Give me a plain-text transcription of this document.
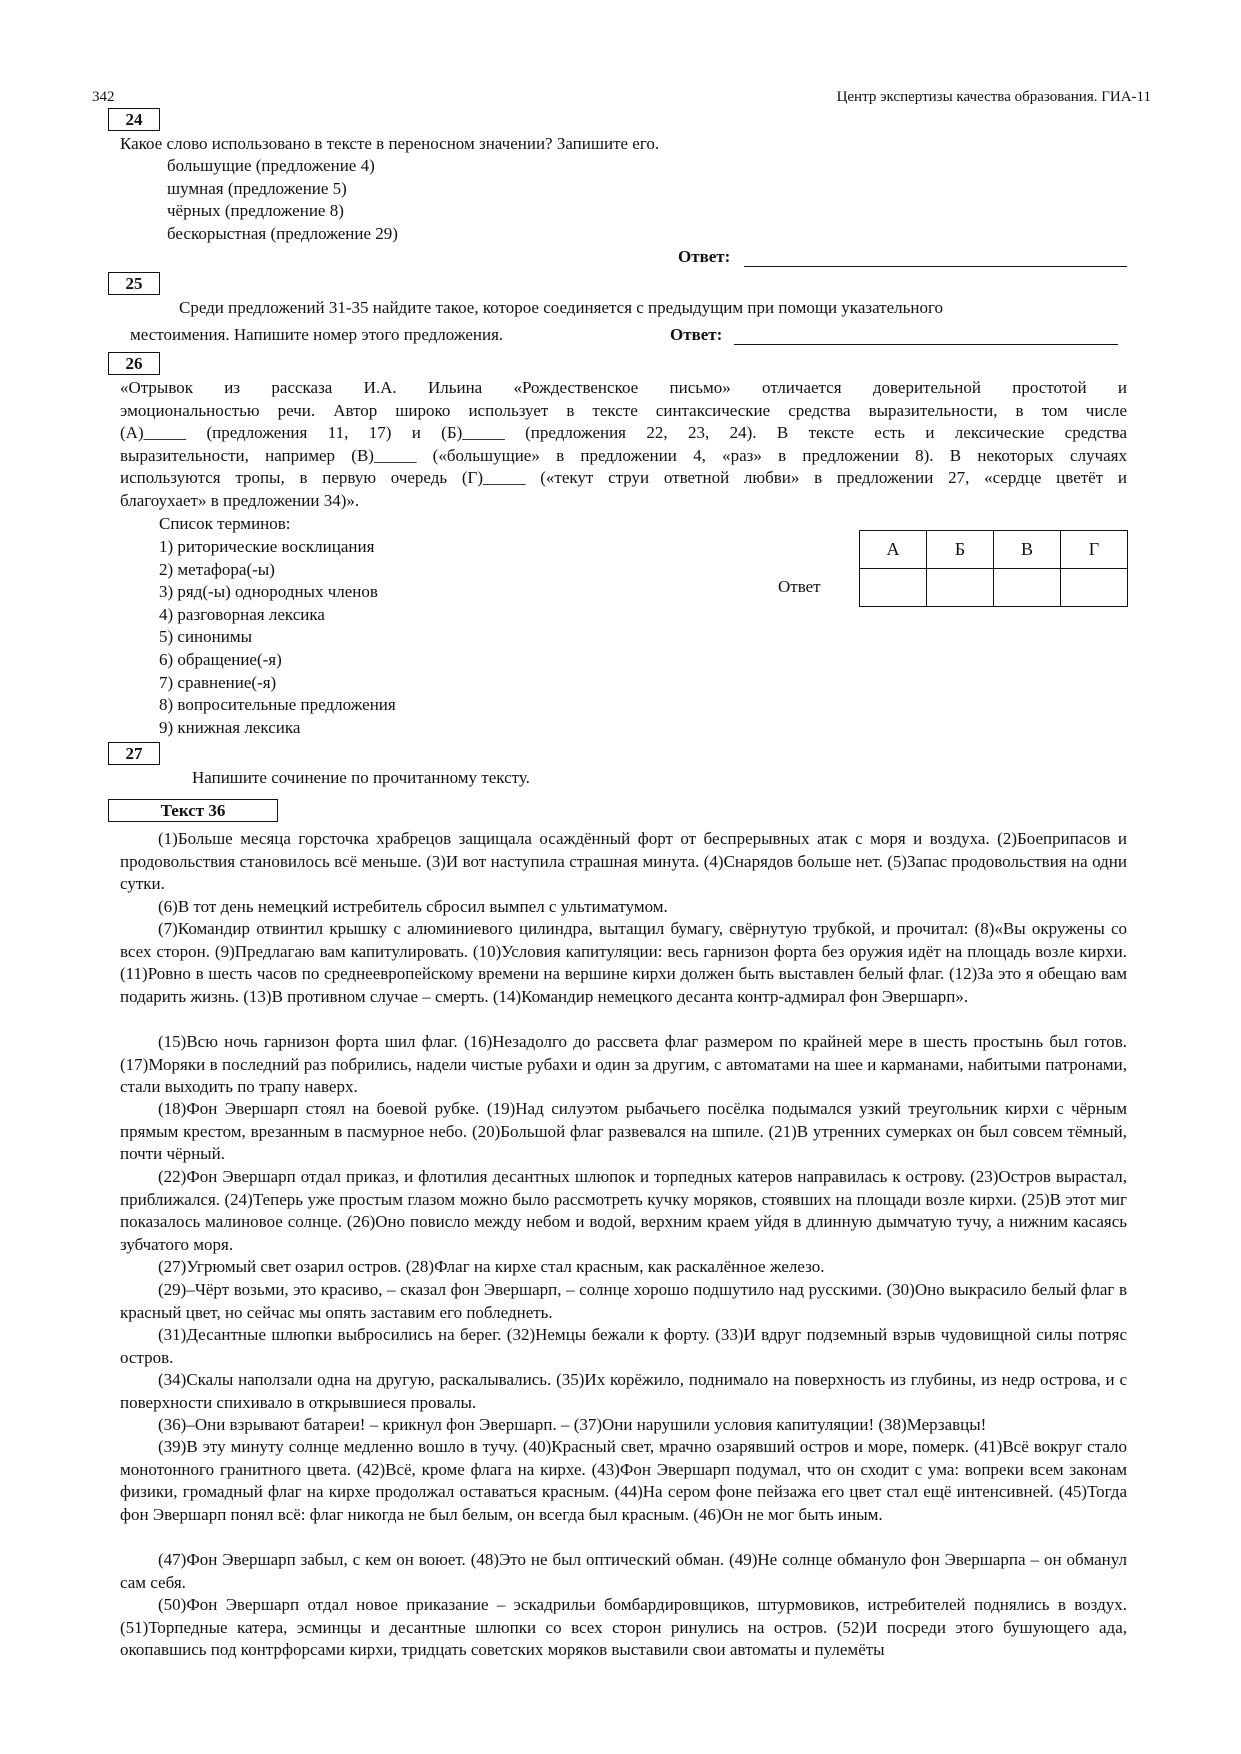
342	Центр экспертизы качества образования. ГИА-11
24
Какое слово использовано в тексте в переносном значении? Запишите его.
большущие (предложение 4)
шумная (предложение 5)
чёрных (предложение 8)
бескорыстная (предложение 29)
Ответ:
25
Среди предложений 31-35 найдите такое, которое соединяется с предыдущим при помощи указательного
местоимения. Напишите номер этого предложения.	Ответ:
26
«Отрывок из рассказа И.А. Ильина «Рождественское письмо» отличается доверительной простотой и
эмоциональностью речи. Автор широко использует в тексте синтаксические средства выразительности, в том числе
(А)_____ (предложения 11, 17) и (Б)_____ (предложения 22, 23, 24). В тексте есть и лексические средства
выразительности, например (В)_____ («большущие» в предложении 4, «раз» в предложении 8). В некоторых случаях
используются тропы, в первую очередь (Г)_____ («текут струи ответной любви» в предложении 27, «сердце цветёт и
благоухает» в предложении 34)».
Список терминов:
1) риторические восклицания
2) метафора(-ы)
3) ряд(-ы) однородных членов
4) разговорная лексика
5) синонимы
6) обращение(-я)
7) сравнение(-я)
8) вопросительные предложения
9) книжная лексика
Ответ
А	Б	В	Г

27
Напишите сочинение по прочитанному тексту.
Текст 36

(1)Больше месяца горсточка храбрецов защищала осаждённый форт от беспрерывных атак с моря и воздуха. (2)Боеприпасов и продовольствия становилось всё меньше. (3)И вот наступила страшная минута. (4)Снарядов больше нет. (5)Запас продовольствия на одни сутки.

(6)В тот день немецкий истребитель сбросил вымпел с ультиматумом.

(7)Командир отвинтил крышку с алюминиевого цилиндра, вытащил бумагу, свёрнутую трубкой, и прочитал: (8)«Вы окружены со всех сторон. (9)Предлагаю вам капитулировать. (10)Условия капитуляции: весь гарнизон форта без оружия идёт на площадь возле кирхи. (11)Ровно в шесть часов по среднеевропейскому времени на вершине кирхи должен быть выставлен белый флаг. (12)За это я обещаю вам подарить жизнь. (13)В противном случае – смерть. (14)Командир немецкого десанта контр-адмирал фон Эвершарп».

(15)Всю ночь гарнизон форта шил флаг. (16)Незадолго до рассвета флаг размером по крайней мере в шесть простынь был готов. (17)Моряки в последний раз побрились, надели чистые рубахи и один за другим, с автоматами на шее и карманами, набитыми патронами, стали выходить по трапу наверх.

(18)Фон Эвершарп стоял на боевой рубке. (19)Над силуэтом рыбачьего посёлка подымался узкий треугольник кирхи с чёрным прямым крестом, врезанным в пасмурное небо. (20)Большой флаг развевался на шпиле. (21)В утренних сумерках он был совсем тёмный, почти чёрный.

(22)Фон Эвершарп отдал приказ, и флотилия десантных шлюпок и торпедных катеров направилась к острову. (23)Остров вырастал, приближался. (24)Теперь уже простым глазом можно было рассмотреть кучку моряков, стоявших на площади возле кирхи. (25)В этот миг показалось малиновое солнце. (26)Оно повисло между небом и водой, верхним краем уйдя в длинную дымчатую тучу, а нижним касаясь зубчатого моря.

(27)Угрюмый свет озарил остров. (28)Флаг на кирхе стал красным, как раскалённое железо.

(29)–Чёрт возьми, это красиво, – сказал фон Эвершарп, – солнце хорошо подшутило над русскими. (30)Оно выкрасило белый флаг в красный цвет, но сейчас мы опять заставим его побледнеть.

(31)Десантные шлюпки выбросились на берег. (32)Немцы бежали к форту. (33)И вдруг подземный взрыв чудовищной силы потряс остров.

(34)Скалы наползали одна на другую, раскалывались. (35)Их корёжило, поднимало на поверхность из глубины, из недр острова, и с поверхности спихивало в открывшиеся провалы.

(36)–Они взрывают батареи! – крикнул фон Эвершарп. – (37)Они нарушили условия капитуляции! (38)Мерзавцы!

(39)В эту минуту солнце медленно вошло в тучу. (40)Красный свет, мрачно озарявший остров и море, померк. (41)Всё вокруг стало монотонного гранитного цвета. (42)Всё, кроме флага на кирхе. (43)Фон Эвершарп подумал, что он сходит с ума: вопреки всем законам физики, громадный флаг на кирхе продолжал оставаться красным. (44)На сером фоне пейзажа его цвет стал ещё интенсивней. (45)Тогда фон Эвершарп понял всё: флаг никогда не был белым, он всегда был красным. (46)Он не мог быть иным.

(47)Фон Эвершарп забыл, с кем он воюет. (48)Это не был оптический обман. (49)Не солнце обмануло фон Эвершарпа – он обманул сам себя.

(50)Фон Эвершарп отдал новое приказание – эскадрильи бомбардировщиков, штурмовиков, истребителей поднялись в воздух. (51)Торпедные катера, эсминцы и десантные шлюпки со всех сторон ринулись на остров. (52)И посреди этого бушующего ада, окопавшись под контрфорсами кирхи, тридцать советских моряков выставили свои автоматы и пулемёты
